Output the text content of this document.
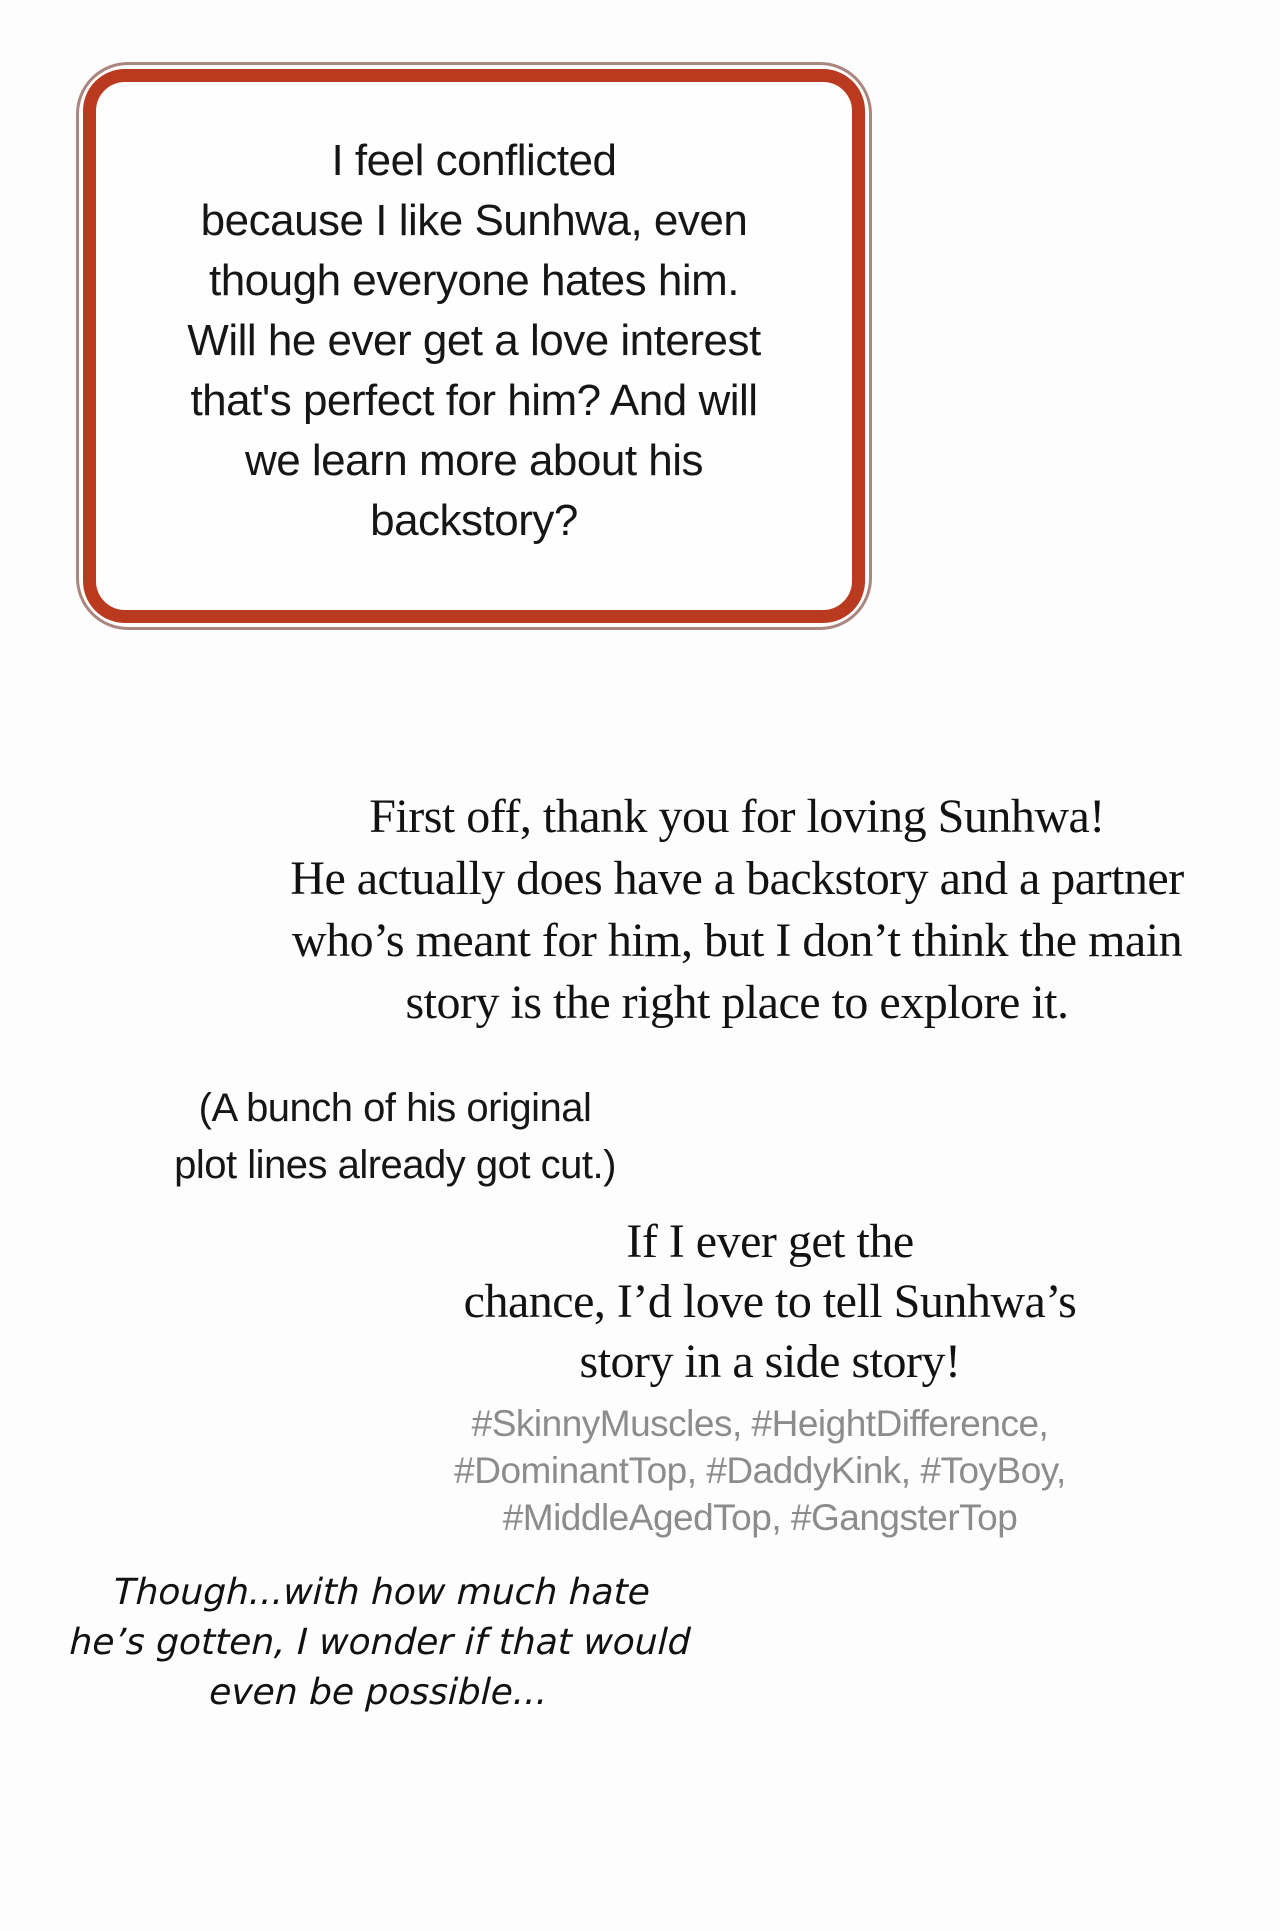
I feel conflicted
because I like Sunhwa, even
though everyone hates him.
Will he ever get a love interest
that's perfect for him? And will
we learn more about his
backstory?
First off, thank you for loving Sunhwa!
He actually does have a backstory and a partner
who’s meant for him, but I don’t think the main
story is the right place to explore it.
(A bunch of his original
plot lines already got cut.)
If I ever get the
chance, I’d love to tell Sunhwa’s
story in a side story!
#SkinnyMuscles, #HeightDifference,
#DominantTop, #DaddyKink, #ToyBoy,
#MiddleAgedTop, #GangsterTop
Though...with how much hate
he’s gotten, I wonder if that would
even be possible...
